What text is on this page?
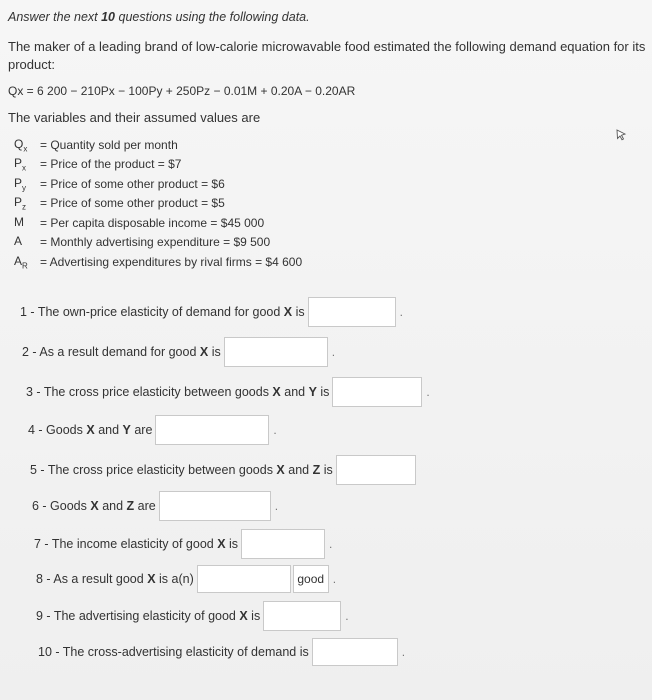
Answer the next 10 questions using the following data.
The maker of a leading brand of low-calorie microwavable food estimated the following demand equation for its product:
Qx = 6 200 − 210Px − 100Py + 250Pz − 0.01M + 0.20A − 0.20AR
The variables and their assumed values are
$Q_x$	= Quantity sold per month
$P_x$	= Price of the product = $7
$P_y$	= Price of some other product = $6
$P_z$	= Price of some other product = $5
M	= Per capita disposable income = $45 000
A	= Monthly advertising expenditure = $9 500
$A_R$	= Advertising expenditures by rival firms = $4 600
1 - The own-price elasticity of demand for good X is	.
2 - As a result demand for good X is	.
3 - The cross price elasticity between goods X and Y is	.
4 - Goods X and Y are	.
5 - The cross price elasticity between goods X and Z is
6 - Goods X and Z are	.
7 - The income elasticity of good X is	.
8 - As a result good X is a(n)	good .
9 - The advertising elasticity of good X is	.
10 - The cross-advertising elasticity of demand is	.
